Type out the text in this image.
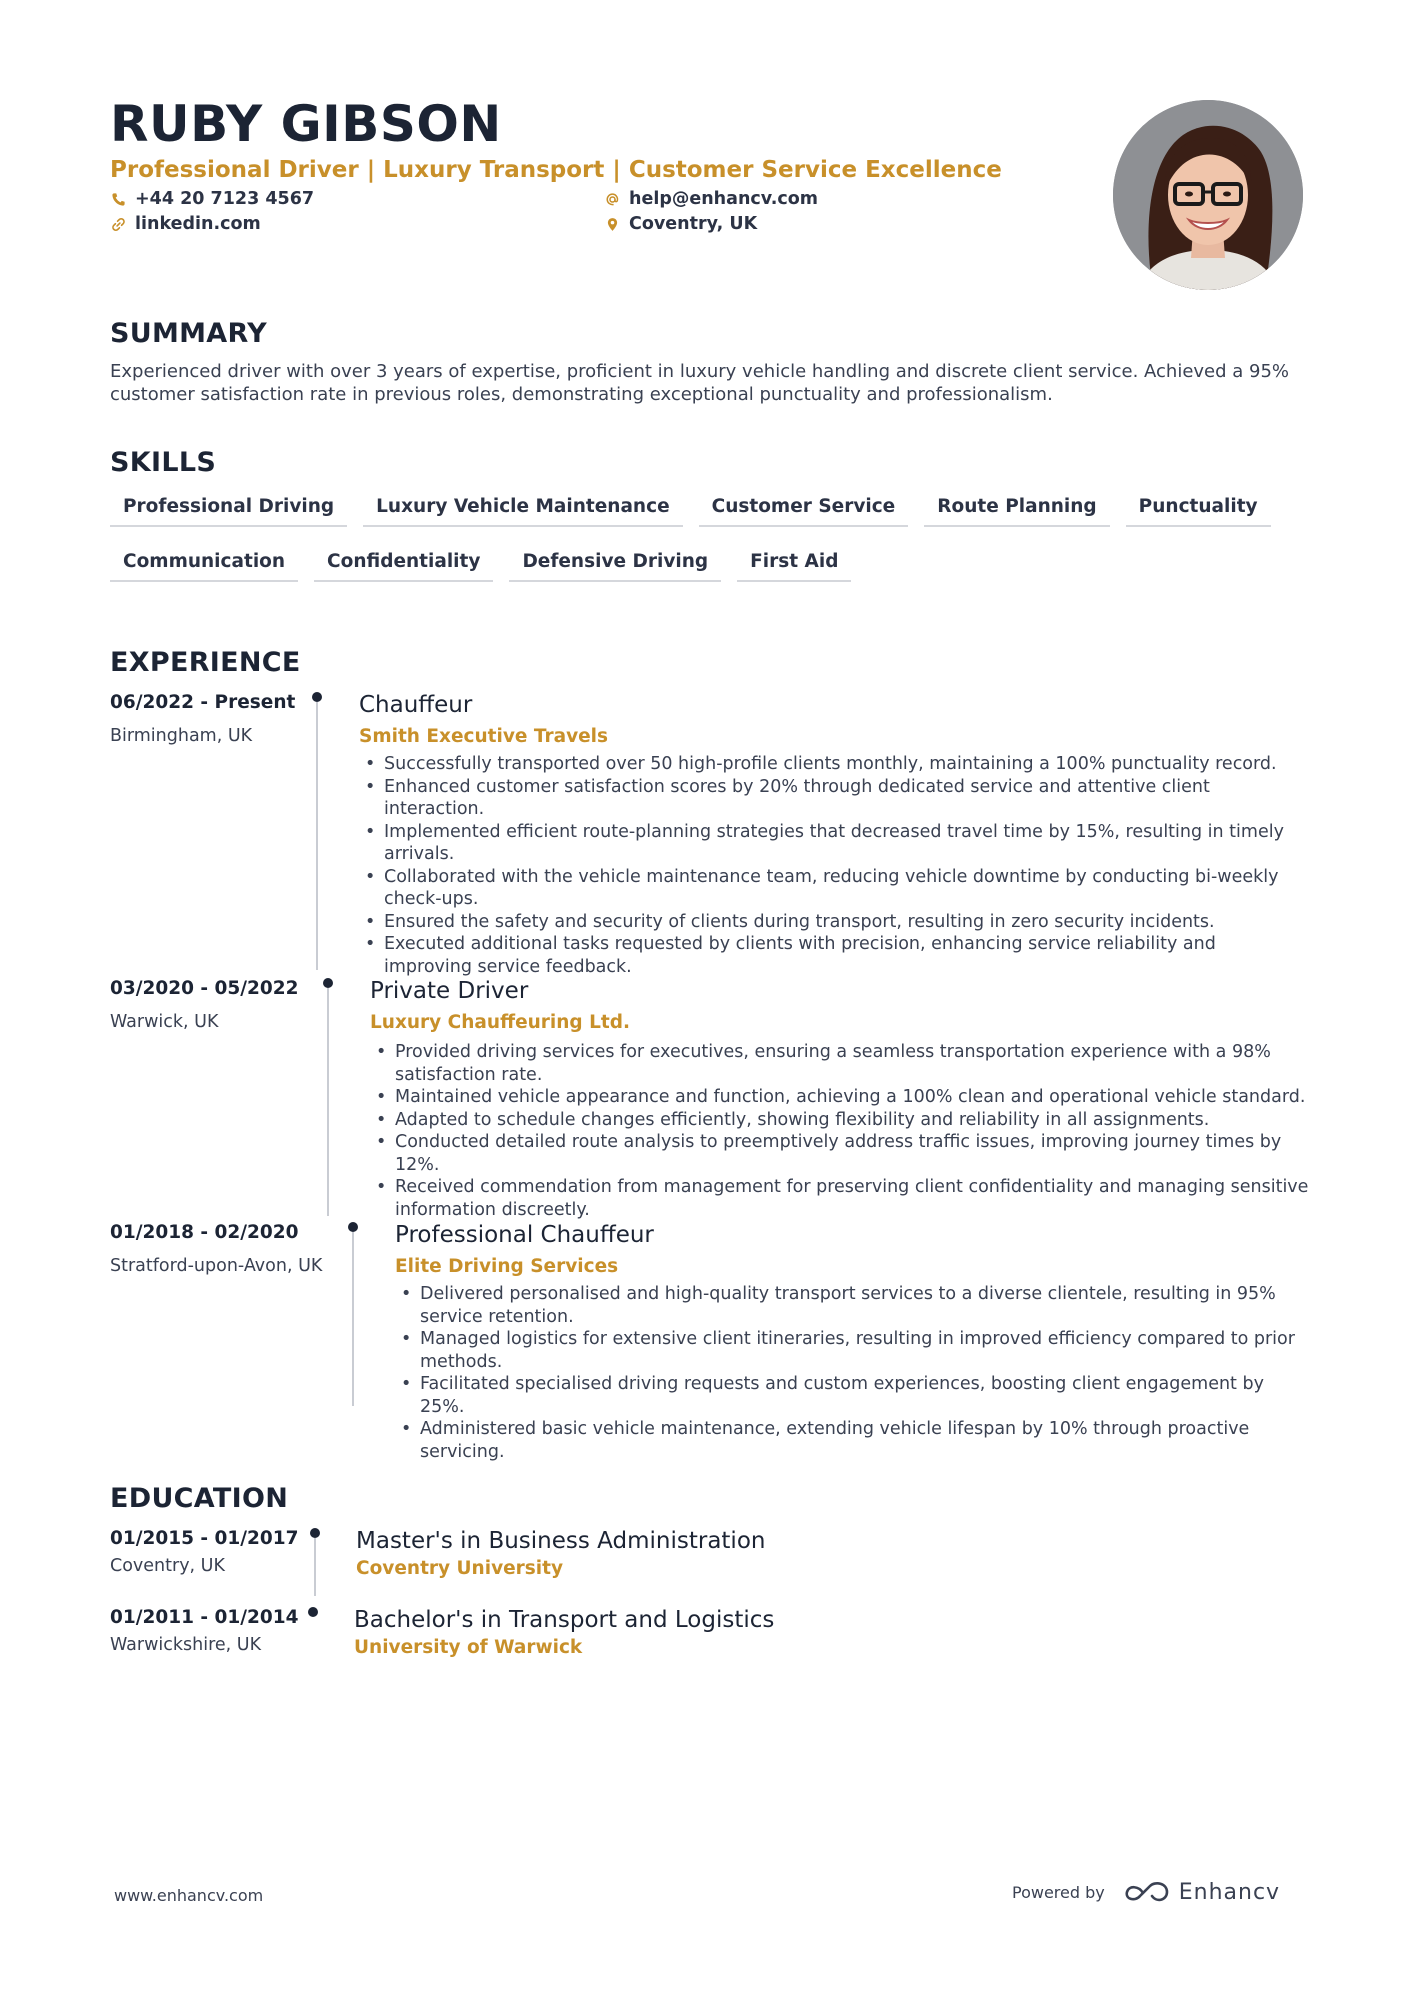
RUBY GIBSON
Professional Driver | Luxury Transport | Customer Service Excellence
+44 20 7123 4567	help@enhancv.com
linkedin.com	Coventry, UK
SUMMARY
Experienced driver with over 3 years of expertise, proficient in luxury vehicle handling and discrete client service. Achieved a 95% customer satisfaction rate in previous roles, demonstrating exceptional punctuality and professionalism.
SKILLS
Professional Driving	Luxury Vehicle Maintenance	Customer Service	Route Planning	Punctuality
Communication	Confidentiality	Defensive Driving	First Aid
EXPERIENCE
06/2022 - Present
Birmingham, UK
Chauffeur
Smith Executive Travels
• Successfully transported over 50 high-profile clients monthly, maintaining a 100% punctuality record.
• Enhanced customer satisfaction scores by 20% through dedicated service and attentive client interaction.
• Implemented efficient route-planning strategies that decreased travel time by 15%, resulting in timely arrivals.
• Collaborated with the vehicle maintenance team, reducing vehicle downtime by conducting bi-weekly check-ups.
• Ensured the safety and security of clients during transport, resulting in zero security incidents.
• Executed additional tasks requested by clients with precision, enhancing service reliability and improving service feedback.
03/2020 - 05/2022
Warwick, UK
Private Driver
Luxury Chauffeuring Ltd.
• Provided driving services for executives, ensuring a seamless transportation experience with a 98% satisfaction rate.
• Maintained vehicle appearance and function, achieving a 100% clean and operational vehicle standard.
• Adapted to schedule changes efficiently, showing flexibility and reliability in all assignments.
• Conducted detailed route analysis to preemptively address traffic issues, improving journey times by 12%.
• Received commendation from management for preserving client confidentiality and managing sensitive information discreetly.
01/2018 - 02/2020
Stratford-upon-Avon, UK
Professional Chauffeur
Elite Driving Services
• Delivered personalised and high-quality transport services to a diverse clientele, resulting in 95% service retention.
• Managed logistics for extensive client itineraries, resulting in improved efficiency compared to prior methods.
• Facilitated specialised driving requests and custom experiences, boosting client engagement by 25%.
• Administered basic vehicle maintenance, extending vehicle lifespan by 10% through proactive servicing.
EDUCATION
01/2015 - 01/2017
Coventry, UK
Master's in Business Administration
Coventry University
01/2011 - 01/2014
Warwickshire, UK
Bachelor's in Transport and Logistics
University of Warwick
www.enhancv.com	Powered by	Enhancv
